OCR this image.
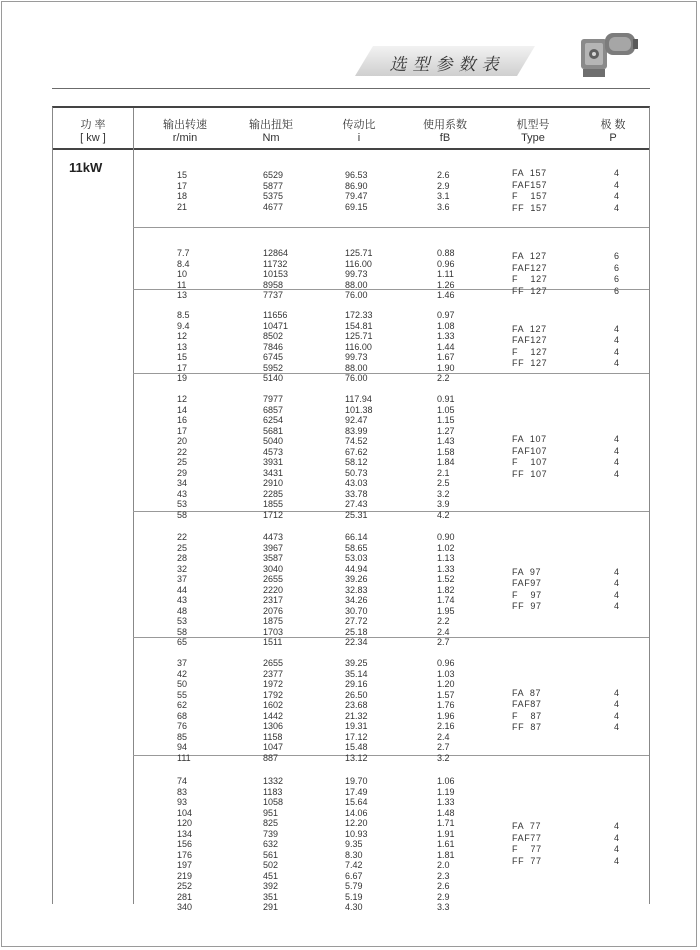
选型参数表
功 率
[ kw ]
输出转速
r/min
输出扭矩
Nm
传动比
i
使用系数
fB
机型号
Type
极 数
P
11kW	15
17
18
21
6529
5877
5375
4677
96.53
86.90
79.47
69.15
2.6
2.9
3.1
3.6
FA  157
FAF157
F    157
FF  157
4
4
4
4
7.7
8.4
10
11
13
12864
11732
10153
8958
7737
125.71
116.00
99.73
88.00
76.00
0.88
0.96
1.11
1.26
1.46
FA  127
FAF127
F    127
FF  127
6
6
6
6
8.5
9.4
12
13
15
17
19
11656
10471
8502
7846
6745
5952
5140
172.33
154.81
125.71
116.00
99.73
88.00
76.00
0.97
1.08
1.33
1.44
1.67
1.90
2.2
FA  127
FAF127
F    127
FF  127
4
4
4
4
12
14
16
17
20
22
25
29
34
43
53
58
7977
6857
6254
5681
5040
4573
3931
3431
2910
2285
1855
1712
117.94
101.38
92.47
83.99
74.52
67.62
58.12
50.73
43.03
33.78
27.43
25.31
0.91
1.05
1.15
1.27
1.43
1.58
1.84
2.1
2.5
3.2
3.9
4.2
FA  107
FAF107
F    107
FF  107
4
4
4
4
22
25
28
32
37
44
43
48
53
58
65
4473
3967
3587
3040
2655
2220
2317
2076
1875
1703
1511
66.14
58.65
53.03
44.94
39.26
32.83
34.26
30.70
27.72
25.18
22.34
0.90
1.02
1.13
1.33
1.52
1.82
1.74
1.95
2.2
2.4
2.7
FA  97
FAF97
F    97
FF  97
4
4
4
4
37
42
50
55
62
68
76
85
94
111
2655
2377
1972
1792
1602
1442
1306
1158
1047
887
39.25
35.14
29.16
26.50
23.68
21.32
19.31
17.12
15.48
13.12
0.96
1.03
1.20
1.57
1.76
1.96
2.16
2.4
2.7
3.2
FA  87
FAF87
F    87
FF  87
4
4
4
4
74
83
93
104
120
134
156
176
197
219
252
281
340
1332
1183
1058
951
825
739
632
561
502
451
392
351
291
19.70
17.49
15.64
14.06
12.20
10.93
9.35
8.30
7.42
6.67
5.79
5.19
4.30
1.06
1.19
1.33
1.48
1.71
1.91
1.61
1.81
2.0
2.3
2.6
2.9
3.3
FA  77
FAF77
F    77
FF  77
4
4
4
4
